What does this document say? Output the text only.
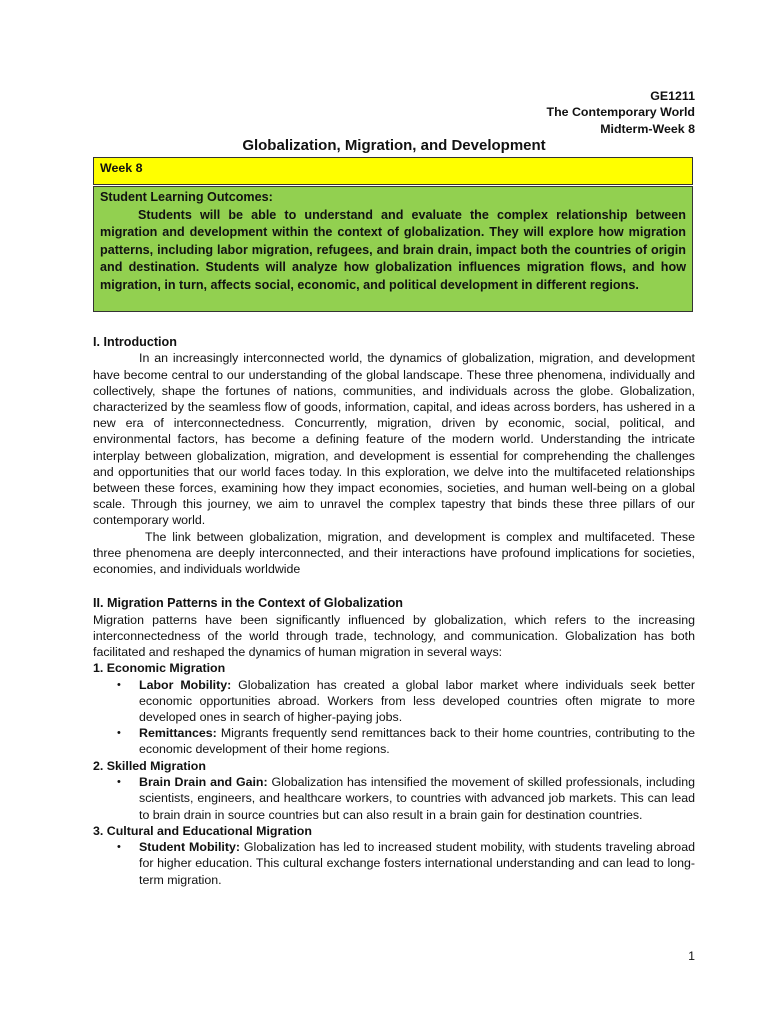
GE1211
The Contemporary World
Midterm-Week 8
Globalization, Migration, and Development
Week 8
Student Learning Outcomes:

Students will be able to understand and evaluate the complex relationship between migration and development within the context of globalization. They will explore how migration patterns, including labor migration, refugees, and brain drain, impact both the countries of origin and destination. Students will analyze how globalization influences migration flows, and how migration, in turn, affects social, economic, and political development in different regions.

I. Introduction

In an increasingly interconnected world, the dynamics of globalization, migration, and development have become central to our understanding of the global landscape. These three phenomena, individually and collectively, shape the fortunes of nations, communities, and individuals across the globe. Globalization, characterized by the seamless flow of goods, information, capital, and ideas across borders, has ushered in a new era of interconnectedness. Concurrently, migration, driven by economic, social, political, and environmental factors, has become a defining feature of the modern world. Understanding the intricate interplay between globalization, migration, and development is essential for comprehending the challenges and opportunities that our world faces today. In this exploration, we delve into the multifaceted relationships between these forces, examining how they impact economies, societies, and human well-being on a global scale. Through this journey, we aim to unravel the complex tapestry that binds these three pillars of our contemporary world.

The link between globalization, migration, and development is complex and multifaceted. These three phenomena are deeply interconnected, and their interactions have profound implications for societies, economies, and individuals worldwide

II. Migration Patterns in the Context of Globalization

Migration patterns have been significantly influenced by globalization, which refers to the increasing interconnectedness of the world through trade, technology, and communication. Globalization has both facilitated and reshaped the dynamics of human migration in several ways:

1. Economic Migration
• Labor Mobility: Globalization has created a global labor market where individuals seek better economic opportunities abroad. Workers from less developed countries often migrate to more developed ones in search of higher-paying jobs.
• Remittances: Migrants frequently send remittances back to their home countries, contributing to the economic development of their home regions.
2. Skilled Migration
• Brain Drain and Gain: Globalization has intensified the movement of skilled professionals, including scientists, engineers, and healthcare workers, to countries with advanced job markets. This can lead to brain drain in source countries but can also result in a brain gain for destination countries.
3. Cultural and Educational Migration
• Student Mobility: Globalization has led to increased student mobility, with students traveling abroad for higher education. This cultural exchange fosters international understanding and can lead to long-term migration.
1
